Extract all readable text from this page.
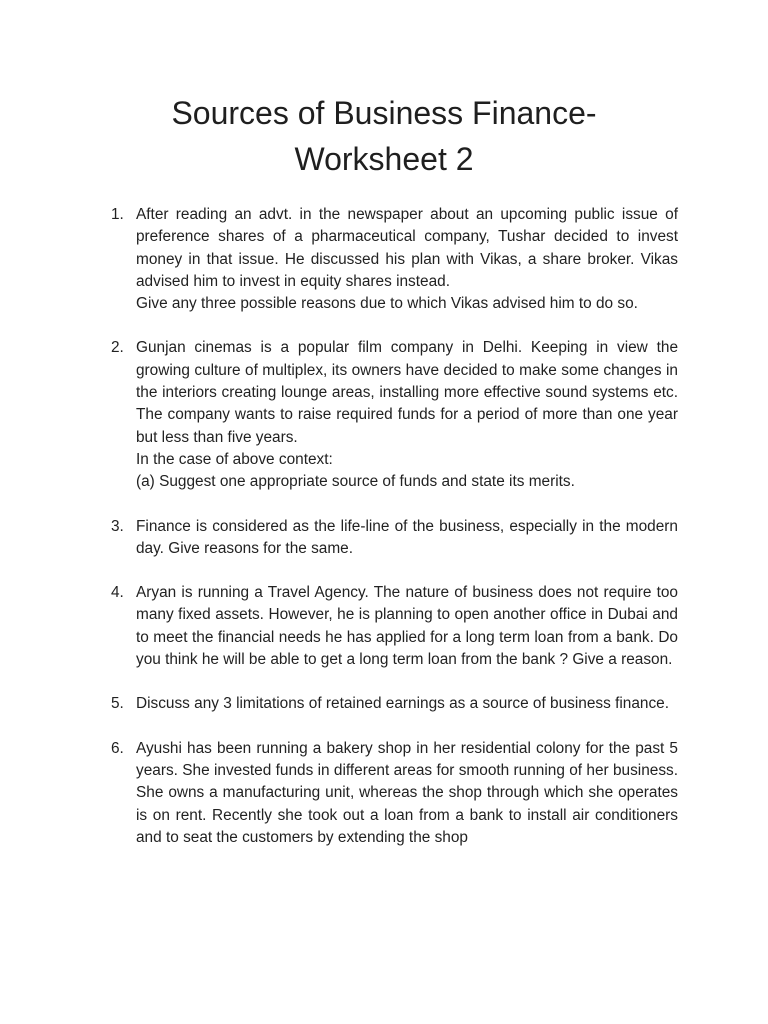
Sources of Business Finance-
Worksheet 2
1. After reading an advt. in the newspaper about an upcoming public issue of preference shares of a pharmaceutical company, Tushar decided to invest money in that issue. He discussed his plan with Vikas, a share broker. Vikas advised him to invest in equity shares instead.
Give any three possible reasons due to which Vikas advised him to do so.
2. Gunjan cinemas is a popular film company in Delhi. Keeping in view the growing culture of multiplex, its owners have decided to make some changes in the interiors creating lounge areas, installing more effective sound systems etc. The company wants to raise required funds for a period of more than one year but less than five years.
In the case of above context:
(a) Suggest one appropriate source of funds and state its merits.
3. Finance is considered as the life-line of the business, especially in the modern day. Give reasons for the same.
4. Aryan is running a Travel Agency. The nature of business does not require too many fixed assets. However, he is planning to open another office in Dubai and to meet the financial needs he has applied for a long term loan from a bank. Do you think he will be able to get a long term loan from the bank ? Give a reason.
5. Discuss any 3 limitations of retained earnings as a source of business finance.
6. Ayushi has been running a bakery shop in her residential colony for the past 5 years. She invested funds in different areas for smooth running of her business. She owns a manufacturing unit, whereas the shop through which she operates is on rent. Recently she took out a loan from a bank to install air conditioners and to seat the customers by extending the shop
